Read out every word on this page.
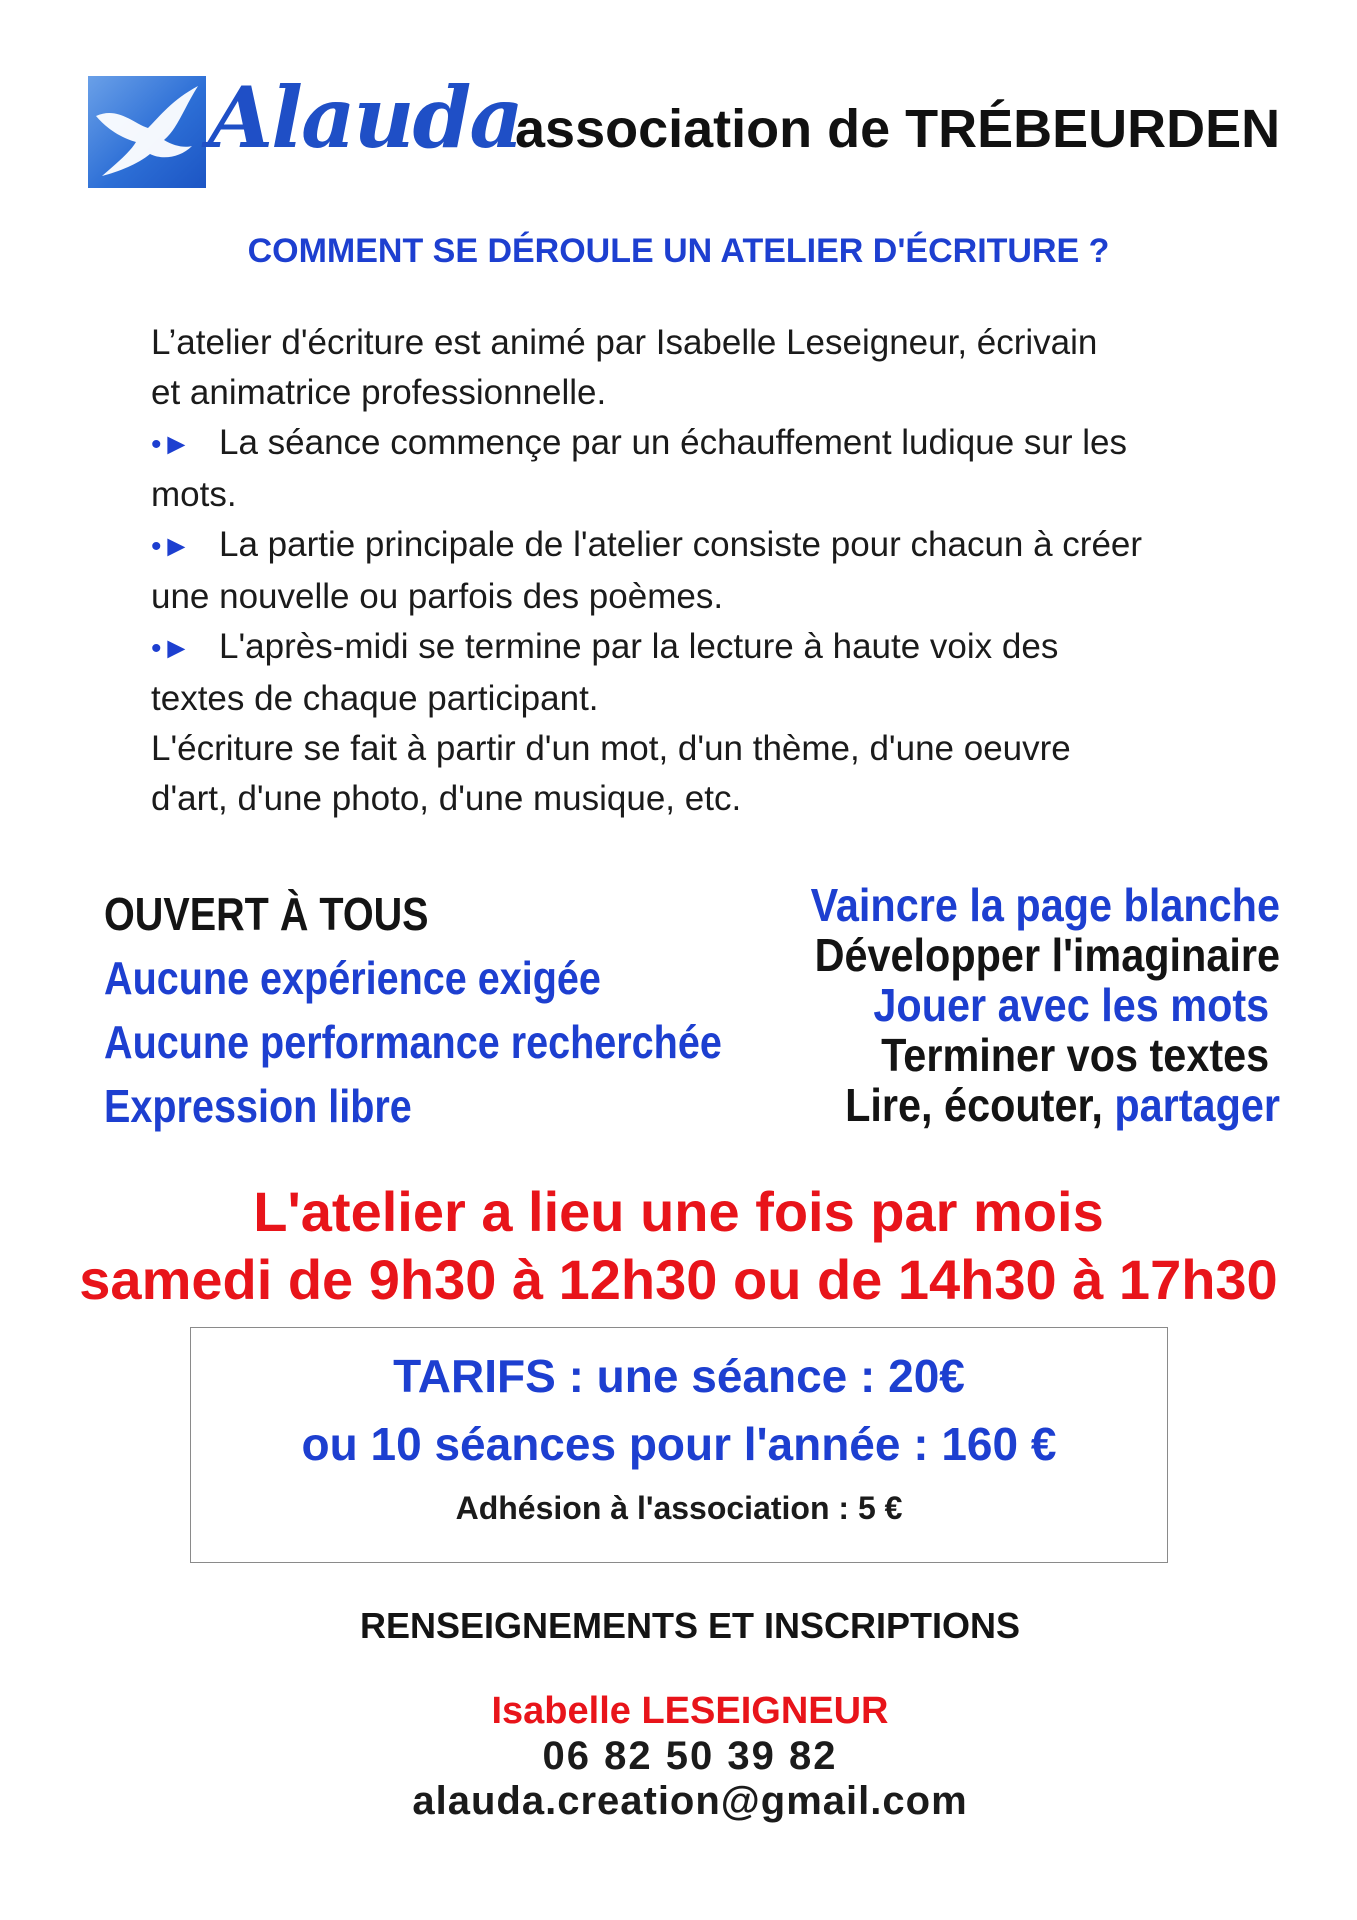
Alauda
association de TRÉBEURDEN
COMMENT SE DÉROULE UN ATELIER D'ÉCRITURE ?

L’atelier d'écriture est animé par Isabelle Leseigneur, écrivain

et animatrice professionnelle.

•► La séance commençe par un échauffement ludique sur les

mots.

•► La partie principale de l'atelier consiste pour chacun à créer

une nouvelle ou parfois des poèmes.

•► L'après-midi se termine par la lecture à haute voix des

textes de chaque participant.

L'écriture se fait à partir d'un mot, d'un thème, d'une oeuvre

d'art, d'une photo, d'une musique, etc.

OUVERT À TOUS
Aucune expérience exigée
Aucune performance recherchée
Expression libre
Vaincre la page blanche
Développer l'imaginaire
Jouer avec les mots
Terminer vos textes
Lire, écouter, partager
L'atelier a lieu une fois par mois
samedi de 9h30 à 12h30 ou de 14h30 à 17h30
TARIFS : une séance : 20€
ou 10 séances pour l'année : 160 €
Adhésion à l'association : 5 €
RENSEIGNEMENTS ET INSCRIPTIONS
Isabelle LESEIGNEUR
06 82 50 39 82
alauda.creation@gmail.com
